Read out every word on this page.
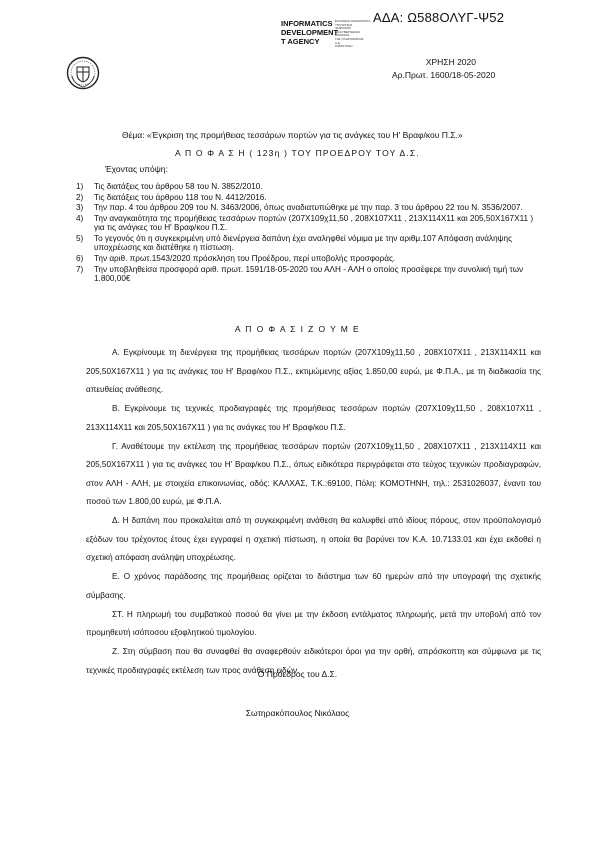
ΑΔΑ: Ω588ΟΛΥΓ-Ψ52
INFORMATICS
DEVELOPMENT
T AGENCY
ΕΛΛΗΝΙΚΗ ΔΗΜΟΚΡΑΤΙΑ
ΥΠΟΥΡΓΕΙΟ
ΨΗΦΙΑΚΗΣ
ΔΙΑΚΥΒΕΡΝΗΣΗΣ
ΚΟΙΝΩΝΙΑ
ΤΗΣ ΠΛΗΡΟΦΟΡΙΑΣ
Α.Ε.
ΚΟΜΟΤΗΝΗ
ΧΡΗΣΗ 2020
Αρ.Πρωτ. 1600/18-05-2020
Θέμα: «Έγκριση της προμήθειας τεσσάρων πορτών για τις ανάγκες του Η' Βραφ/κου Π.Σ.»
Α Π Ο Φ Α Σ Η ( 123η ) ΤΟΥ ΠΡΟΕΔΡΟΥ ΤΟΥ Δ.Σ.
Έχοντας υπόψη:
1)	Τις διατάξεις του άρθρου 58 του Ν. 3852/2010.
2)	Τις διατάξεις του άρθρου 118 του Ν. 4412/2016.
3)	Την παρ. 4 του άρθρου 209 του Ν. 3463/2006, όπως αναδιατυπώθηκε με την παρ. 3 του άρθρου 22 του Ν. 3536/2007.
4)	Την αναγκαιότητα της προμήθειας τεσσάρων πορτών (207Χ109χ11,50 , 208Χ107Χ11 , 213Χ114Χ11 και 205,50Χ167Χ11 ) για τις ανάγκες του Η' Βραφ/κου Π.Σ.
5)	Το γεγονός ότι η συγκεκριμένη υπό διενέργεια δαπάνη έχει αναληφθεί νόμιμα με την αριθμ.107 Απόφαση ανάληψης υποχρέωσης και διατέθηκε η πίστωση.
6)	Την αριθ. πρωτ.1543/2020 πρόσκληση του Προέδρου, περί υποβολής προσφοράς.
7)	Την υποβληθείσα προσφορά αριθ. πρωτ. 1591/18-05-2020 του ΑΛΗ - ΑΛΗ ο οποίος προσέφερε την συνολική τιμή των 1.800,00€
Α Π Ο Φ Α Σ Ι Ζ Ο Υ Μ Ε

Α. Εγκρίνουμε τη διενέργεια της προμήθειας τεσσάρων πορτών (207Χ109χ11,50 , 208Χ107Χ11 , 213Χ114Χ11 και 205,50Χ167Χ11 ) για τις ανάγκες του Η' Βραφ/κου Π.Σ., εκτιμώμενης αξίας 1.850,00 ευρώ, με Φ.Π.Α., με τη διαδικασία της απευθείας ανάθεσης.

Β. Εγκρίνουμε τις τεχνικές προδιαγραφές της προμήθειας τεσσάρων πορτών (207Χ109χ11,50 , 208Χ107Χ11 , 213Χ114Χ11 και 205,50Χ167Χ11 ) για τις ανάγκες του Η' Βραφ/κου Π.Σ.

Γ. Αναθέτουμε την εκτέλεση της προμήθειας τεσσάρων πορτών (207Χ109χ11,50 , 208Χ107Χ11 , 213Χ114Χ11 και 205,50Χ167Χ11 ) για τις ανάγκες του Η' Βραφ/κου Π.Σ., όπως ειδικότερα περιγράφεται στο τεύχος τεχνικών προδιαγραφών, στον ΑΛΗ - ΑΛΗ, με στοιχεία επικοινωνίας, οδός: ΚΑΛΧΑΣ, Τ.Κ.:69100, Πόλη: ΚΟΜΟΤΗΝΗ, τηλ.: 2531026037, έναντι του ποσού των 1.800,00 ευρώ, με Φ.Π.Α.

Δ. Η δαπάνη που προκαλείται από τη συγκεκριμένη ανάθεση θα καλυφθεί από ιδίους πόρους, στον προϋπολογισμό εξόδων του τρέχοντος έτους έχει εγγραφεί η σχετική πίστωση, η οποία θα βαρύνει τον Κ.Α. 10.7133.01 και έχει εκδοθεί η σχετική απόφαση ανάληψη υποχρέωσης.

Ε. Ο χρόνος παράδοσης της προμήθειας ορίζεται το διάστημα των 60 ημερών από την υπογραφή της σχετικής σύμβασης.

ΣΤ. Η πληρωμή του συμβατικού ποσού θα γίνει με την έκδοση εντάλματος πληρωμής, μετά την υποβολή από τον προμηθευτή ισόποσου εξοφλητικού τιμολογίου.

Ζ. Στη σύμβαση που θα συναφθεί θα αναφερθούν ειδικότεροι όροι για την ορθή, απρόσκοπτη και σύμφωνα με τις τεχνικές προδιαγραφές εκτέλεση των προς ανάθεση ειδών.

Ο Πρόεδρος του Δ.Σ.
Σωτηρακόπουλος Νικόλαος
